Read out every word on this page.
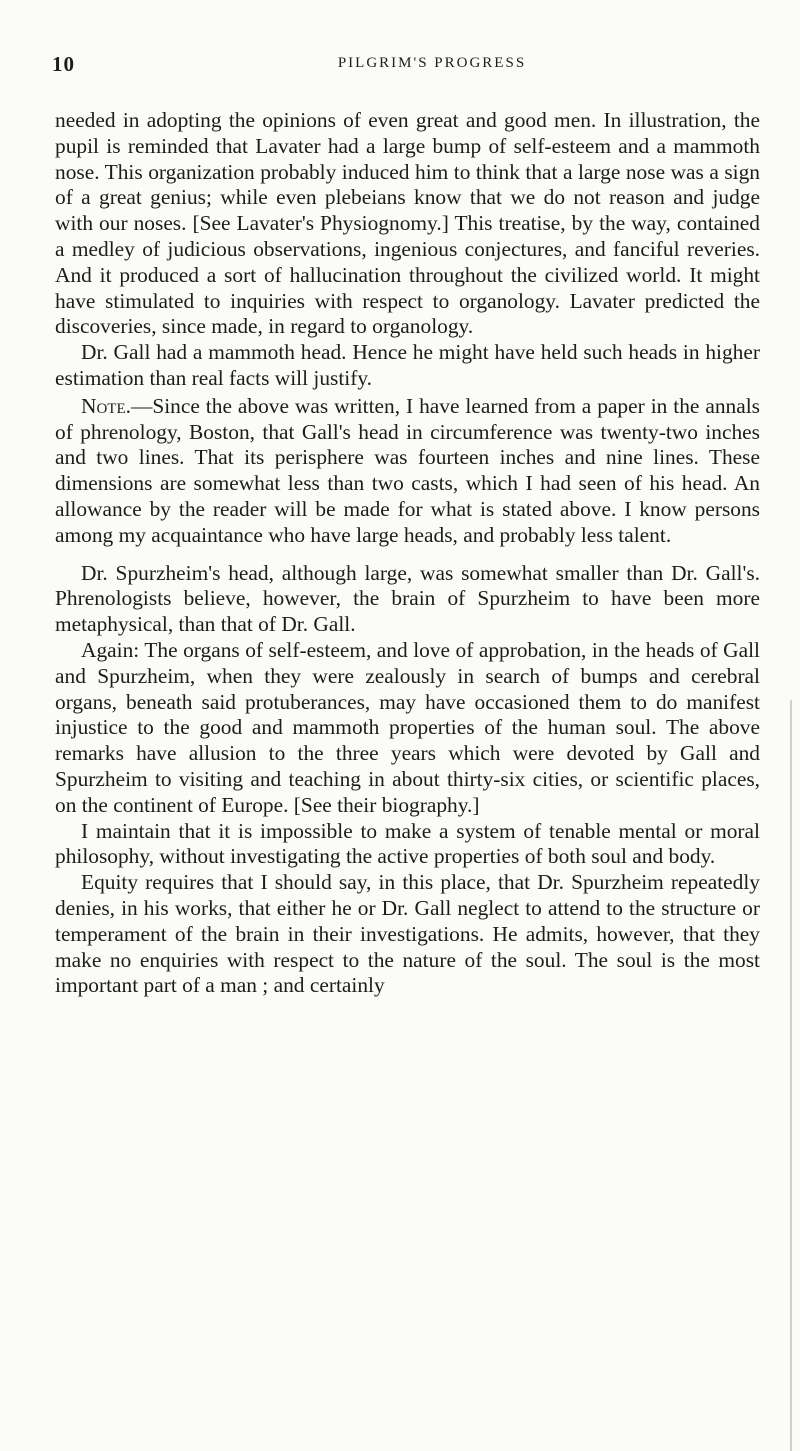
10	PILGRIM'S PROGRESS

needed in adopting the opinions of even great and good men. In illustration, the pupil is reminded that Lavater had a large bump of self-esteem and a mammoth nose. This organization probably induced him to think that a large nose was a sign of a great genius; while even plebeians know that we do not reason and judge with our noses. [See Lavater's Physiognomy.] This treatise, by the way, contained a medley of judicious observations, ingenious conjectures, and fanciful reveries. And it produced a sort of hallucination throughout the civilized world. It might have stimulated to inquiries with respect to organology. Lavater predicted the discoveries, since made, in regard to organology.

Dr. Gall had a mammoth head. Hence he might have held such heads in higher estimation than real facts will justify.

Note.—Since the above was written, I have learned from a paper in the annals of phrenology, Boston, that Gall's head in circumference was twenty-two inches and two lines. That its perisphere was fourteen inches and nine lines. These dimensions are somewhat less than two casts, which I had seen of his head. An allowance by the reader will be made for what is stated above. I know persons among my acquaintance who have large heads, and probably less talent.

Dr. Spurzheim's head, although large, was somewhat smaller than Dr. Gall's. Phrenologists believe, however, the brain of Spurzheim to have been more metaphysical, than that of Dr. Gall.

Again: The organs of self-esteem, and love of approbation, in the heads of Gall and Spurzheim, when they were zealously in search of bumps and cerebral organs, beneath said protuberances, may have occasioned them to do manifest injustice to the good and mammoth properties of the human soul. The above remarks have allusion to the three years which were devoted by Gall and Spurzheim to visiting and teaching in about thirty-six cities, or scientific places, on the continent of Europe. [See their biography.]

I maintain that it is impossible to make a system of tenable mental or moral philosophy, without investigating the active properties of both soul and body.

Equity requires that I should say, in this place, that Dr. Spurzheim repeatedly denies, in his works, that either he or Dr. Gall neglect to attend to the structure or temperament of the brain in their investigations. He admits, however, that they make no enquiries with respect to the nature of the soul. The soul is the most important part of a man ; and certainly
